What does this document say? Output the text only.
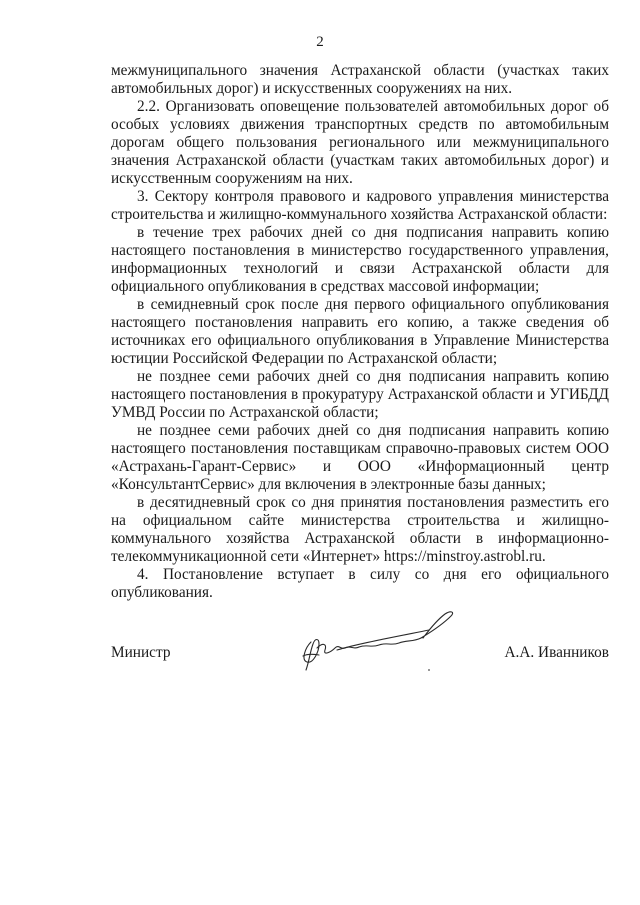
2

межмуниципального значения Астраханской области (участках таких автомобильных дорог) и искусственных сооружениях на них.

2.2. Организовать оповещение пользователей автомобильных дорог об особых условиях движения транспортных средств по автомобильным дорогам общего пользования регионального или межмуниципального значения Астраханской области (участкам таких автомобильных дорог) и искусственным сооружениям на них.

3. Сектору контроля правового и кадрового управления министерства строительства и жилищно-коммунального хозяйства Астраханской области:

в течение трех рабочих дней со дня подписания направить копию настоящего постановления в министерство государственного управления, информационных технологий и связи Астраханской области для официального опубликования в средствах массовой информации;

в семидневный срок после дня первого официального опубликования настоящего постановления направить его копию, а также сведения об источниках его официального опубликования в Управление Министерства юстиции Российской Федерации по Астраханской области;

не позднее семи рабочих дней со дня подписания направить копию настоящего постановления в прокуратуру Астраханской области и УГИБДД УМВД России по Астраханской области;

не позднее семи рабочих дней со дня подписания направить копию настоящего постановления поставщикам справочно-правовых систем ООО «Астрахань-Гарант-Сервис» и ООО «Информационный центр «КонсультантСервис» для включения в электронные базы данных;

в десятидневный срок со дня принятия постановления разместить его на официальном сайте министерства строительства и жилищно-коммунального хозяйства Астраханской области в информационно-телекоммуникационной сети «Интернет» https://minstroy.astrobl.ru.

4. Постановление вступает в силу со дня его официального опубликования.

Министр	А.А. Иванников
